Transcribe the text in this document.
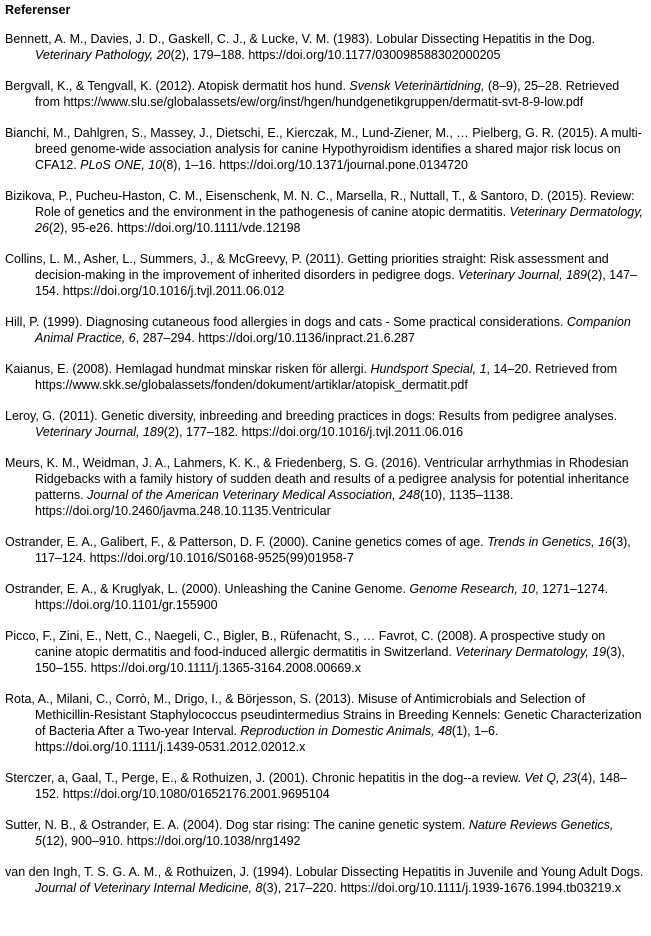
Referenser
Bennett, A. M., Davies, J. D., Gaskell, C. J., & Lucke, V. M. (1983). Lobular Dissecting Hepatitis in the Dog. Veterinary Pathology, 20(2), 179–188. https://doi.org/10.1177/030098588302000205
Bergvall, K., & Tengvall, K. (2012). Atopisk dermatit hos hund. Svensk Veterinärtidning, (8–9), 25–28. Retrieved from https://www.slu.se/globalassets/ew/org/inst/hgen/hundgenetikgruppen/dermatit-svt-8-9-low.pdf
Bianchi, M., Dahlgren, S., Massey, J., Dietschi, E., Kierczak, M., Lund-Ziener, M., … Pielberg, G. R. (2015). A multi-breed genome-wide association analysis for canine Hypothyroidism identifies a shared major risk locus on CFA12. PLoS ONE, 10(8), 1–16. https://doi.org/10.1371/journal.pone.0134720
Bizikova, P., Pucheu-Haston, C. M., Eisenschenk, M. N. C., Marsella, R., Nuttall, T., & Santoro, D. (2015). Review: Role of genetics and the environment in the pathogenesis of canine atopic dermatitis. Veterinary Dermatology, 26(2), 95-e26. https://doi.org/10.1111/vde.12198
Collins, L. M., Asher, L., Summers, J., & McGreevy, P. (2011). Getting priorities straight: Risk assessment and decision-making in the improvement of inherited disorders in pedigree dogs. Veterinary Journal, 189(2), 147–154. https://doi.org/10.1016/j.tvjl.2011.06.012
Hill, P. (1999). Diagnosing cutaneous food allergies in dogs and cats - Some practical considerations. Companion Animal Practice, 6, 287–294. https://doi.org/10.1136/inpract.21.6.287
Kaianus, E. (2008). Hemlagad hundmat minskar risken för allergi. Hundsport Special, 1, 14–20. Retrieved from https://www.skk.se/globalassets/fonden/dokument/artiklar/atopisk_dermatit.pdf
Leroy, G. (2011). Genetic diversity, inbreeding and breeding practices in dogs: Results from pedigree analyses. Veterinary Journal, 189(2), 177–182. https://doi.org/10.1016/j.tvjl.2011.06.016
Meurs, K. M., Weidman, J. A., Lahmers, K. K., & Friedenberg, S. G. (2016). Ventricular arrhythmias in Rhodesian Ridgebacks with a family history of sudden death and results of a pedigree analysis for potential inheritance patterns. Journal of the American Veterinary Medical Association, 248(10), 1135–1138. https://doi.org/10.2460/javma.248.10.1135.Ventricular
Ostrander, E. A., Galibert, F., & Patterson, D. F. (2000). Canine genetics comes of age. Trends in Genetics, 16(3), 117–124. https://doi.org/10.1016/S0168-9525(99)01958-7
Ostrander, E. A., & Kruglyak, L. (2000). Unleashing the Canine Genome. Genome Research, 10, 1271–1274. https://doi.org/10.1101/gr.155900
Picco, F., Zini, E., Nett, C., Naegeli, C., Bigler, B., Rüfenacht, S., … Favrot, C. (2008). A prospective study on canine atopic dermatitis and food-induced allergic dermatitis in Switzerland. Veterinary Dermatology, 19(3), 150–155. https://doi.org/10.1111/j.1365-3164.2008.00669.x
Rota, A., Milani, C., Corrò, M., Drigo, I., & Börjesson, S. (2013). Misuse of Antimicrobials and Selection of Methicillin-Resistant Staphylococcus pseudintermedius Strains in Breeding Kennels: Genetic Characterization of Bacteria After a Two-year Interval. Reproduction in Domestic Animals, 48(1), 1–6. https://doi.org/10.1111/j.1439-0531.2012.02012.x
Sterczer, a, Gaal, T., Perge, E., & Rothuizen, J. (2001). Chronic hepatitis in the dog--a review. Vet Q, 23(4), 148–152. https://doi.org/10.1080/01652176.2001.9695104
Sutter, N. B., & Ostrander, E. A. (2004). Dog star rising: The canine genetic system. Nature Reviews Genetics, 5(12), 900–910. https://doi.org/10.1038/nrg1492
van den Ingh, T. S. G. A. M., & Rothuizen, J. (1994). Lobular Dissecting Hepatitis in Juvenile and Young Adult Dogs. Journal of Veterinary Internal Medicine, 8(3), 217–220. https://doi.org/10.1111/j.1939-1676.1994.tb03219.x
